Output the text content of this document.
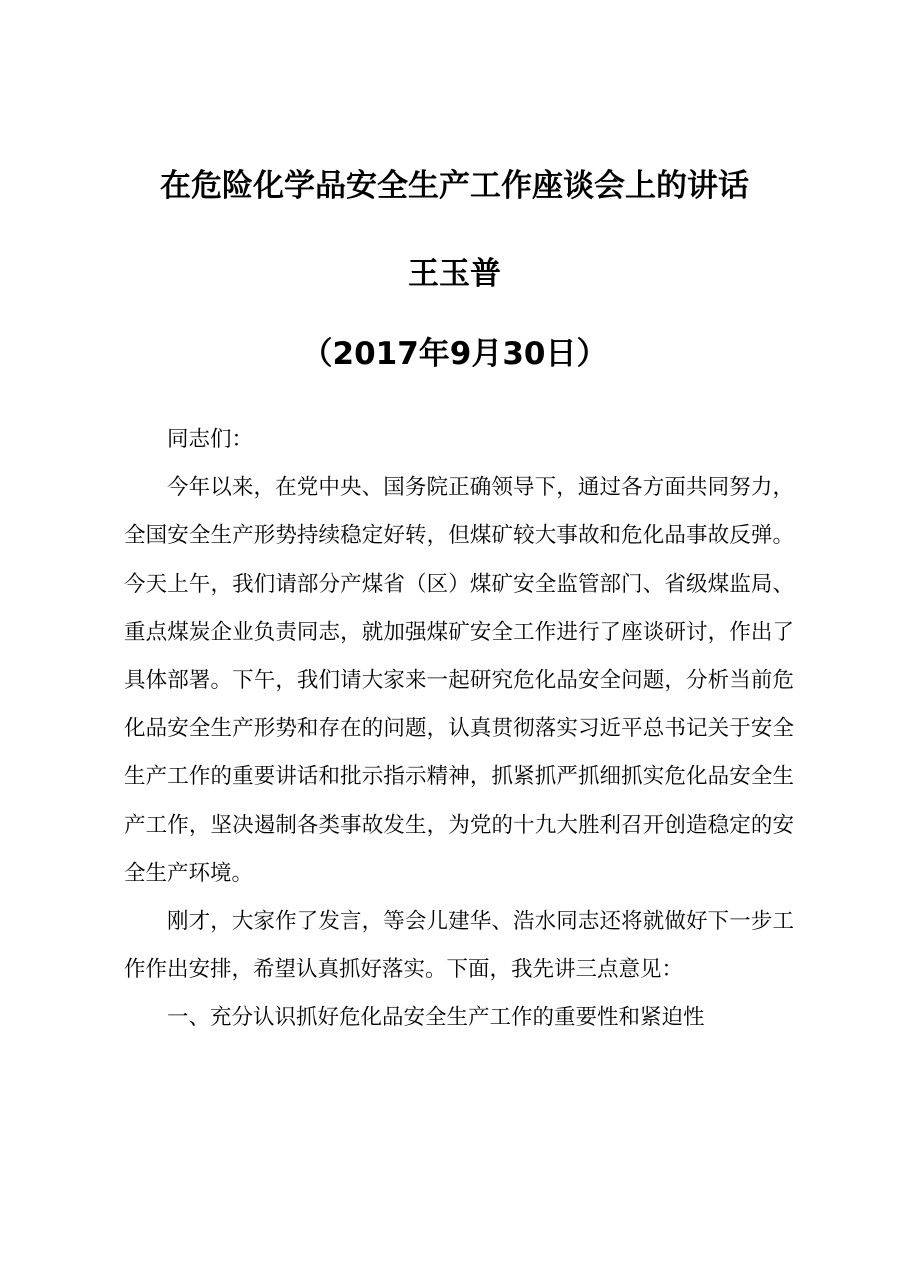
在危险化学品安全生产工作座谈会上的讲话
王玉普
（2017年9月30日）

同志们：

今年以来，在党中央、国务院正确领导下，通过各方面共同努力，全国安全生产形势持续稳定好转，但煤矿较大事故和危化品事故反弹。今天上午，我们请部分产煤省（区）煤矿安全监管部门、省级煤监局、重点煤炭企业负责同志，就加强煤矿安全工作进行了座谈研讨，作出了具体部署。下午，我们请大家来一起研究危化品安全问题，分析当前危化品安全生产形势和存在的问题，认真贯彻落实习近平总书记关于安全生产工作的重要讲话和批示指示精神，抓紧抓严抓细抓实危化品安全生产工作，坚决遏制各类事故发生，为党的十九大胜利召开创造稳定的安全生产环境。

刚才，大家作了发言，等会儿建华、浩水同志还将就做好下一步工作作出安排，希望认真抓好落实。下面，我先讲三点意见：

一、充分认识抓好危化品安全生产工作的重要性和紧迫性
